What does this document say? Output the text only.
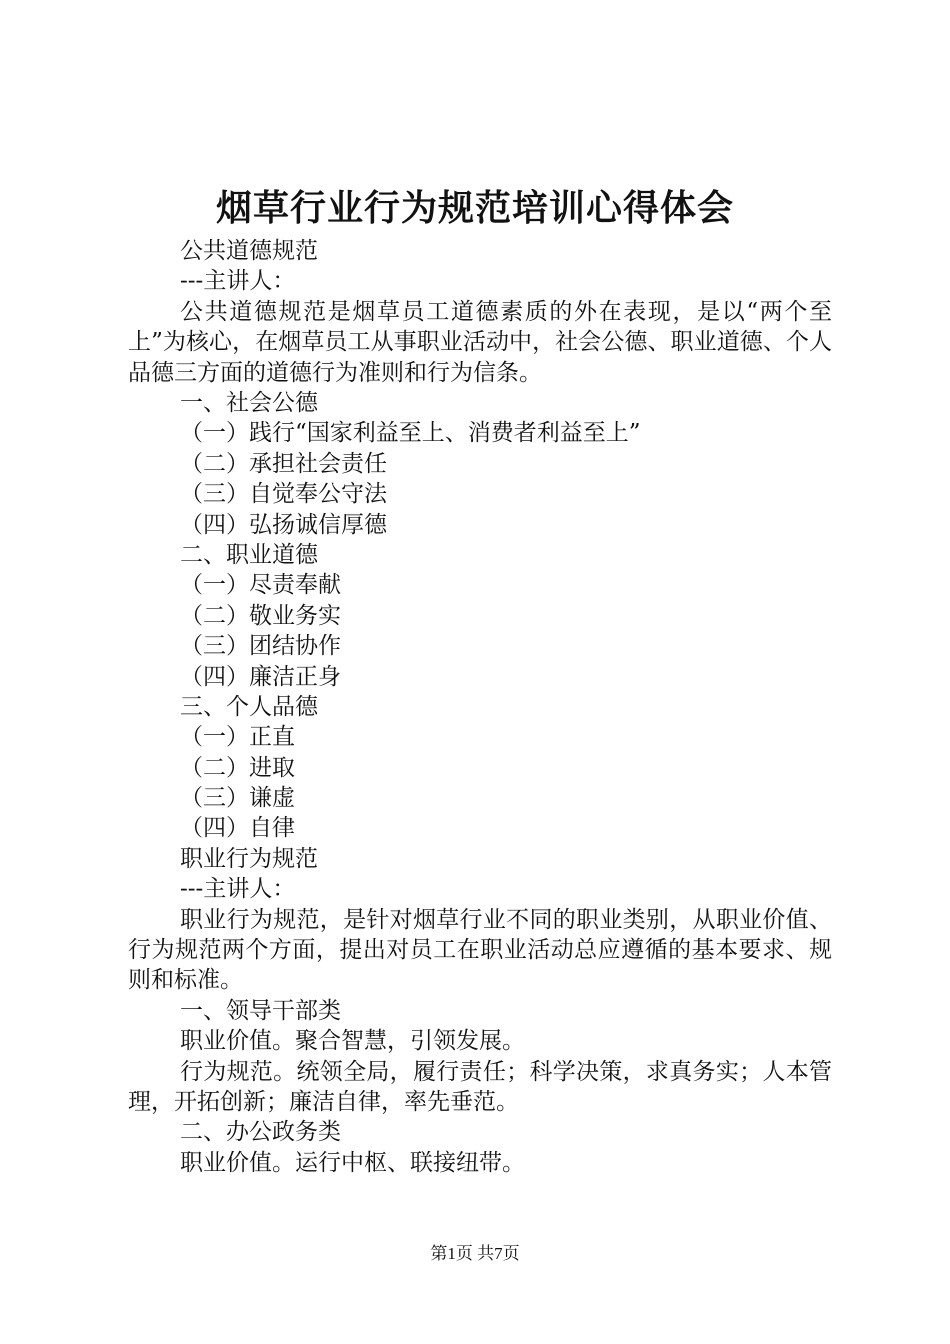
烟草行业行为规范培训心得体会

公共道德规范

---主讲人：

公共道德规范是烟草员工道德素质的外在表现，是以“两个至上”为核心，在烟草员工从事职业活动中，社会公德、职业道德、个人品德三方面的道德行为准则和行为信条。

一、社会公德

（一）践行“国家利益至上、消费者利益至上”

（二）承担社会责任

（三）自觉奉公守法

（四）弘扬诚信厚德

二、职业道德

（一）尽责奉献

（二）敬业务实

（三）团结协作

（四）廉洁正身

三、个人品德

（一）正直

（二）进取

（三）谦虚

（四）自律

职业行为规范

---主讲人：

职业行为规范，是针对烟草行业不同的职业类别，从职业价值、行为规范两个方面，提出对员工在职业活动总应遵循的基本要求、规则和标准。

一、领导干部类

职业价值。聚合智慧，引领发展。

行为规范。统领全局，履行责任；科学决策，求真务实；人本管理，开拓创新；廉洁自律，率先垂范。

二、办公政务类

职业价值。运行中枢、联接纽带。

第1页 共7页
